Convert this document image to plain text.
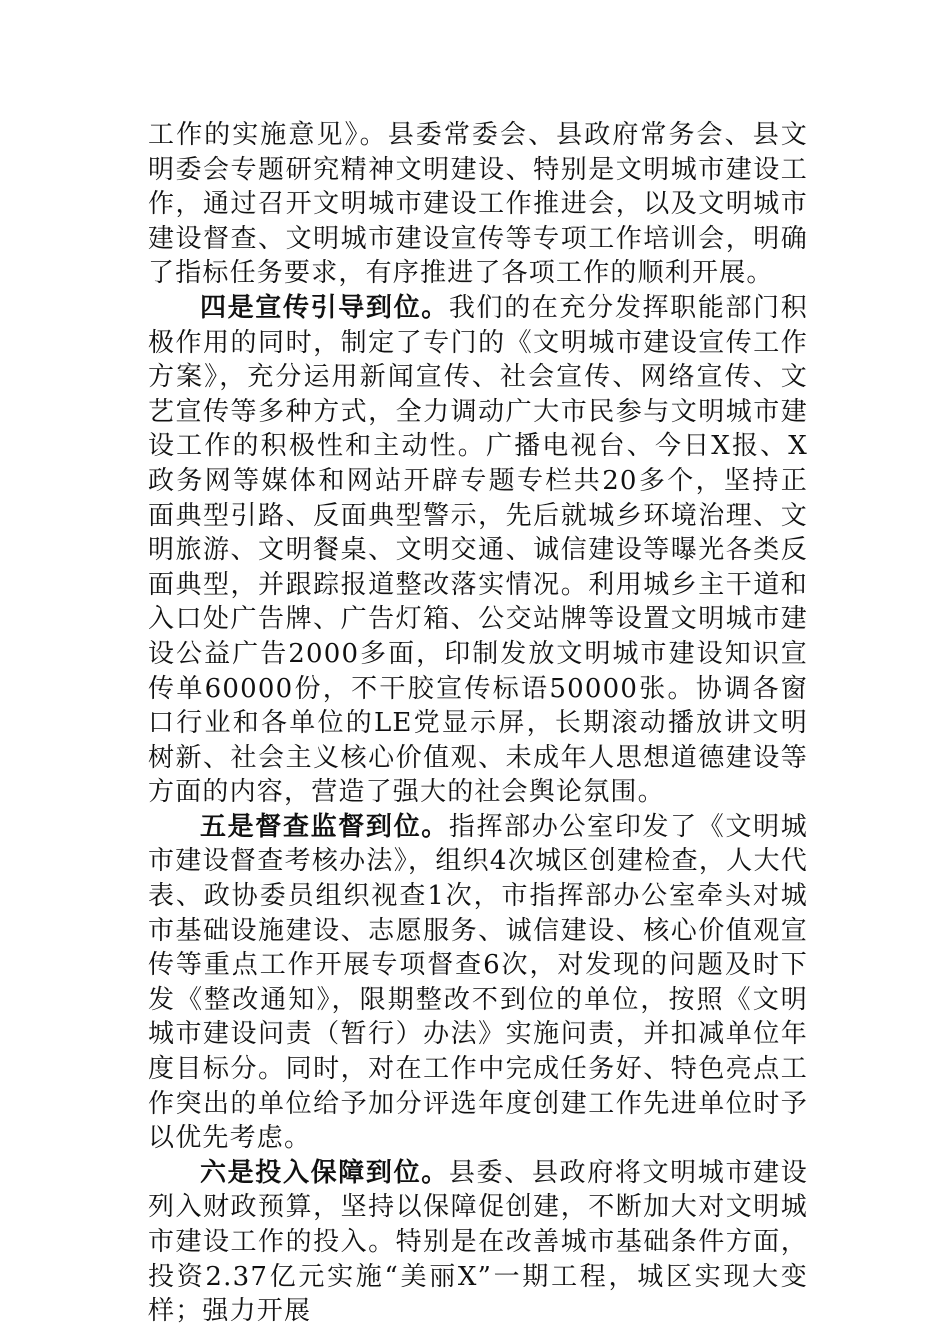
工作的实施意见》。县委常委会、县政府常务会、县文明委会专题研究精神文明建设、特别是文明城市建设工作，通过召开文明城市建设工作推进会，以及文明城市建设督查、文明城市建设宣传等专项工作培训会，明确了指标任务要求，有序推进了各项工作的顺利开展。

四是宣传引导到位。我们的在充分发挥职能部门积极作用的同时，制定了专门的《文明城市建设宣传工作方案》，充分运用新闻宣传、社会宣传、网络宣传、文艺宣传等多种方式，全力调动广大市民参与文明城市建设工作的积极性和主动性。广播电视台、今日X报、X政务网等媒体和网站开辟专题专栏共20多个，坚持正面典型引路、反面典型警示，先后就城乡环境治理、文明旅游、文明餐桌、文明交通、诚信建设等曝光各类反面典型，并跟踪报道整改落实情况。利用城乡主干道和入口处广告牌、广告灯箱、公交站牌等设置文明城市建设公益广告2000多面，印制发放文明城市建设知识宣传单60000份，不干胶宣传标语50000张。协调各窗口行业和各单位的LE党显示屏，长期滚动播放讲文明树新、社会主义核心价值观、未成年人思想道德建设等方面的内容，营造了强大的社会舆论氛围。

五是督查监督到位。指挥部办公室印发了《文明城市建设督查考核办法》，组织4次城区创建检查，人大代表、政协委员组织视查1次，市指挥部办公室牵头对城市基础设施建设、志愿服务、诚信建设、核心价值观宣传等重点工作开展专项督查6次，对发现的问题及时下发《整改通知》，限期整改不到位的单位，按照《文明城市建设问责（暂行）办法》实施问责，并扣减单位年度目标分。同时，对在工作中完成任务好、特色亮点工作突出的单位给予加分评选年度创建工作先进单位时予以优先考虑。

六是投入保障到位。县委、县政府将文明城市建设列入财政预算，坚持以保障促创建，不断加大对文明城市建设工作的投入。特别是在改善城市基础条件方面，投资2.37亿元实施“美丽X”一期工程，城区实现大变样；强力开展
